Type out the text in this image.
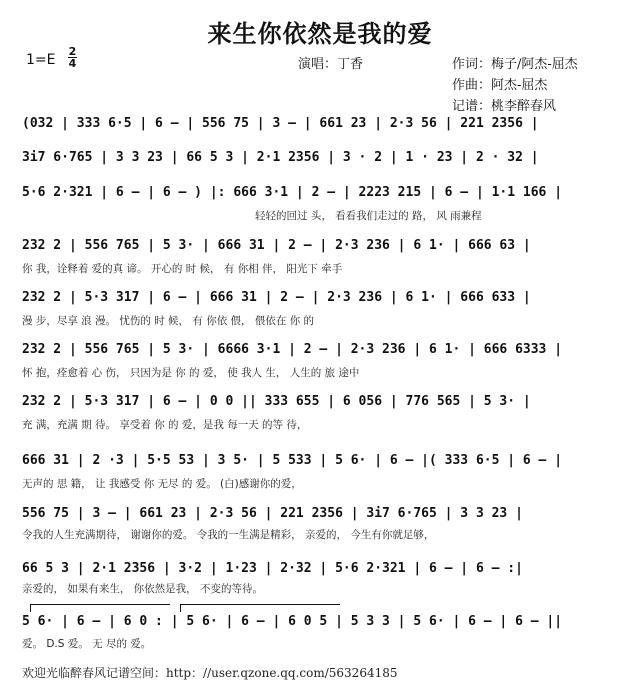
来生你依然是我的爱
1=E
2
4	演唱：丁香	作词：梅子/阿杰-屈杰
作曲：阿杰-屈杰
记谱：桃李醉春风
(032 | 333 6·5 | 6 – | 556 75 | 3 – | 661 23 | 2·3 56 | 221 2356 |
3i7 6·765 | 3 3 23 | 66 5 3 | 2·1 2356 | 3 · 2 | 1 · 23 | 2 · 32 |
5·6 2·321 | 6 – | 6 – ) |: 666 3·1 | 2 – | 2223 215 | 6 – | 1·1 166 |
轻轻的回过 头， 看看我们走过的 路， 风 雨兼程
232 2 | 556 765 | 5 3· | 666 31 | 2 – | 2·3 236 | 6 1· | 666 63 |
你 我，诠释着 爱的真 谛。 开心的 时 候， 有 你相 伴， 阳光下 牵手
232 2 | 5·3 317 | 6 – | 666 31 | 2 – | 2·3 236 | 6 1· | 666 633 |
漫 步，尽享 浪 漫。 忧伤的 时 候， 有 你依 偎， 偎依在 你 的
232 2 | 556 765 | 5 3· | 6666 3·1 | 2 – | 2·3 236 | 6 1· | 666 6333 |
怀 抱，痊愈着 心 伤， 只因为是 你 的 爱， 使 我人 生， 人生的 旅 途中
232 2 | 5·3 317 | 6 – | 0 0 || 333 655 | 6 056 | 776 565 | 5 3· |
充 满，充满 期 待。 享受着 你 的 爱，是我 每一天 的等 待，
666 31 | 2 ·3 | 5·5 53 | 3 5· | 5 533 | 5 6· | 6 – |( 333 6·5 | 6 – |
无声的 思 籍， 让 我感受 你 无尽 的 爱。 (白)感谢你的爱，
556 75 | 3 – | 661 23 | 2·3 56 | 221 2356 | 3i7 6·765 | 3 3 23 |
令我的人生充满期待， 谢谢你的爱。 令我的一生满是精彩， 亲爱的， 今生有你就足够，
66 5 3 | 2·1 2356 | 3·2 | 1·23 | 2·32 | 5·6 2·321 | 6 – | 6 – :|
亲爱的， 如果有来生， 你依然是我， 不变的等待。
5 6· | 6 – | 6 0 : | 5 6· | 6 – | 6 0 5 | 5 3 3 | 5 6· | 6 – | 6 – ||
爱。 D.S 爱。 无 尽的 爱。
欢迎光临醉春风记谱空间：http：//user.qzone.qq.com/563264185
